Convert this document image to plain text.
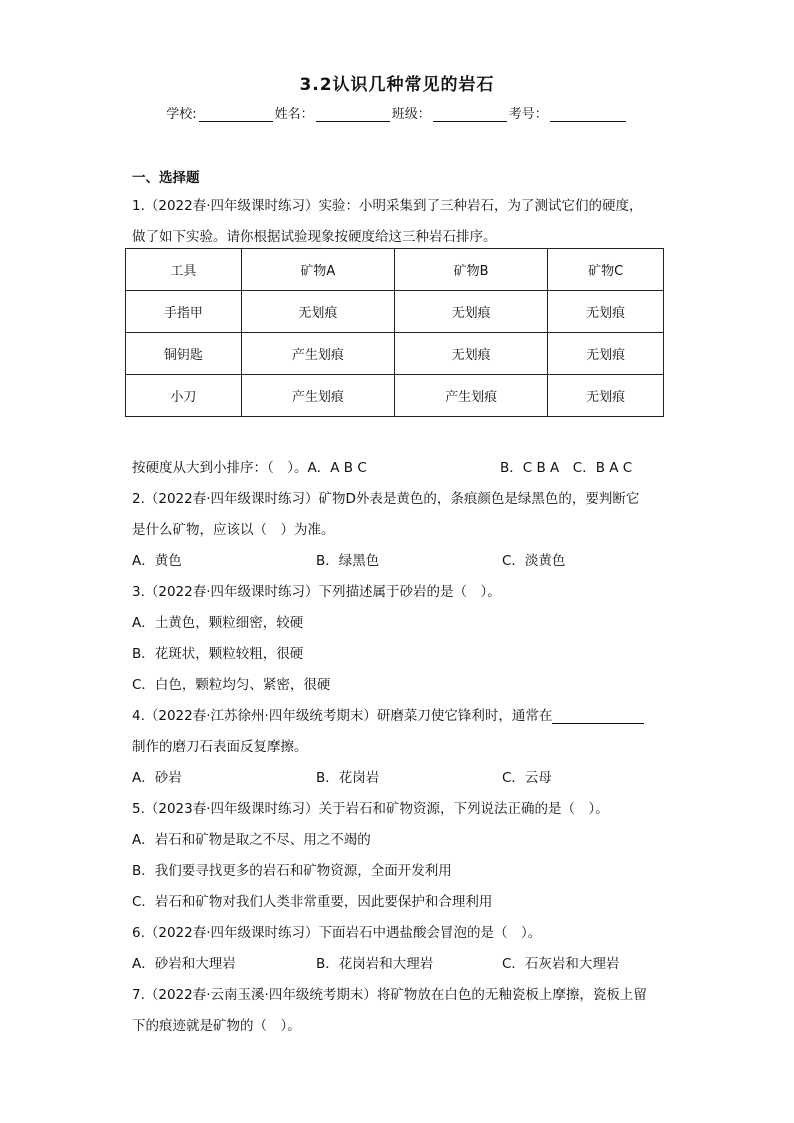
3.2认识几种常见的岩石
学校:	姓名：	班级：	考号：
一、选择题
1.（2022春·四年级课时练习）实验：小明采集到了三种岩石，为了测试它们的硬度，
做了如下实验。请你根据试验现象按硬度给这三种岩石排序。
工具	矿物A	矿物B	矿物C
手指甲	无划痕	无划痕	无划痕
铜钥匙	产生划痕	无划痕	无划痕
小刀	产生划痕	产生划痕	无划痕
按硬度从大到小排序：（　）。A．A B C	B．C B A　C．B A C
2.（2022春·四年级课时练习）矿物D外表是黄色的，条痕颜色是绿黑色的，要判断它
是什么矿物，应该以（　）为准。
A．黄色	B．绿黑色	C．淡黄色
3.（2022春·四年级课时练习）下列描述属于砂岩的是（　）。
A．土黄色，颗粒细密，较硬
B．花斑状，颗粒较粗，很硬
C．白色，颗粒均匀、紧密，很硬
4.（2022春·江苏徐州·四年级统考期末）研磨菜刀使它锋利时，通常在
制作的磨刀石表面反复摩擦。
A．砂岩	B．花岗岩	C．云母
5.（2023春·四年级课时练习）关于岩石和矿物资源，下列说法正确的是（　）。
A．岩石和矿物是取之不尽、用之不竭的
B．我们要寻找更多的岩石和矿物资源，全面开发利用
C．岩石和矿物对我们人类非常重要，因此要保护和合理利用
6.（2022春·四年级课时练习）下面岩石中遇盐酸会冒泡的是（　）。
A．砂岩和大理岩	B．花岗岩和大理岩	C．石灰岩和大理岩
7.（2022春·云南玉溪·四年级统考期末）将矿物放在白色的无釉瓷板上摩擦，瓷板上留
下的痕迹就是矿物的（　）。
